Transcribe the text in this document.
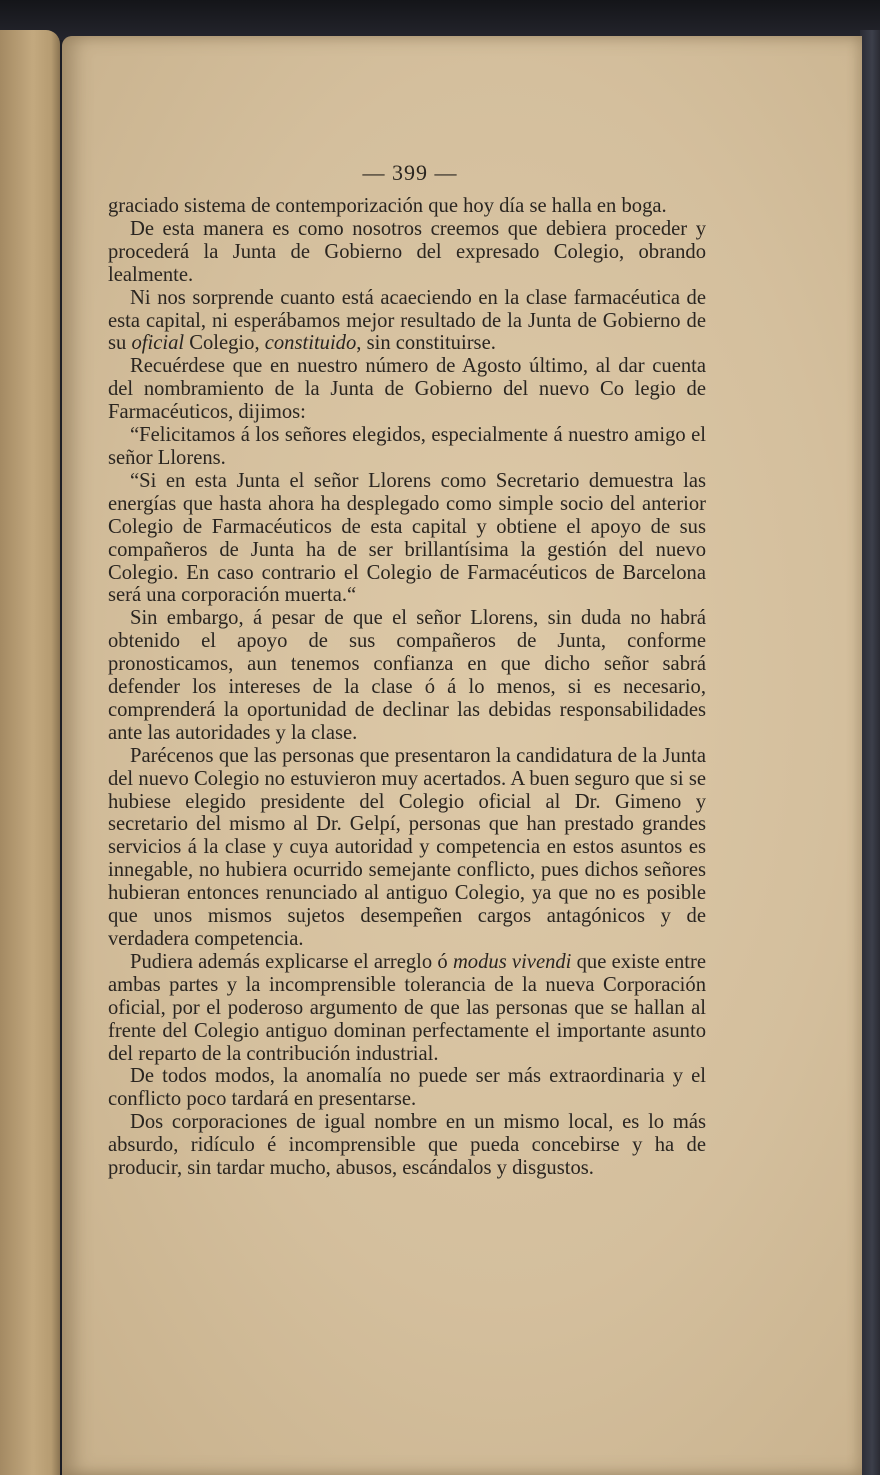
— 399 —

graciado sistema de contemporización que hoy día se halla en boga.

De esta manera es como nosotros creemos que debiera proceder y procederá la Junta de Gobierno del expresado Colegio, obrando lealmente.

Ni nos sorprende cuanto está acaeciendo en la clase farmacéutica de esta capital, ni esperábamos mejor resultado de la Junta de Gobierno de su oficial Colegio, constituido, sin constituirse.

Recuérdese que en nuestro número de Agosto último, al dar cuenta del nombramiento de la Junta de Gobierno del nuevo Co legio de Farmacéuticos, dijimos:

“Felicitamos á los señores elegidos, especialmente á nuestro amigo el señor Llorens.

“Si en esta Junta el señor Llorens como Secretario demuestra las energías que hasta ahora ha desplegado como simple socio del anterior Colegio de Farmacéuticos de esta capital y obtiene el apoyo de sus compañeros de Junta ha de ser brillantísima la gestión del nuevo Colegio. En caso contrario el Colegio de Farmacéuticos de Barcelona será una corporación muerta.“

Sin embargo, á pesar de que el señor Llorens, sin duda no habrá obtenido el apoyo de sus compañeros de Junta, conforme pronosticamos, aun tenemos confianza en que dicho señor sabrá defender los intereses de la clase ó á lo menos, si es necesario, comprenderá la oportunidad de declinar las debidas responsabilidades ante las autoridades y la clase.

Parécenos que las personas que presentaron la candidatura de la Junta del nuevo Colegio no estuvieron muy acertados. A buen seguro que si se hubiese elegido presidente del Colegio oficial al Dr. Gimeno y secretario del mismo al Dr. Gelpí, personas que han prestado grandes servicios á la clase y cuya autoridad y competencia en estos asuntos es innegable, no hubiera ocurrido semejante conflicto, pues dichos señores hubieran entonces renunciado al antiguo Colegio, ya que no es posible que unos mismos sujetos desempeñen cargos antagónicos y de verdadera competencia.

Pudiera además explicarse el arreglo ó modus vivendi que existe entre ambas partes y la incomprensible tolerancia de la nueva Corporación oficial, por el poderoso argumento de que las personas que se hallan al frente del Colegio antiguo dominan perfectamente el importante asunto del reparto de la contribución industrial.

De todos modos, la anomalía no puede ser más extraordinaria y el conflicto poco tardará en presentarse.

Dos corporaciones de igual nombre en un mismo local, es lo más absurdo, ridículo é incomprensible que pueda concebirse y ha de producir, sin tardar mucho, abusos, escándalos y disgustos.
